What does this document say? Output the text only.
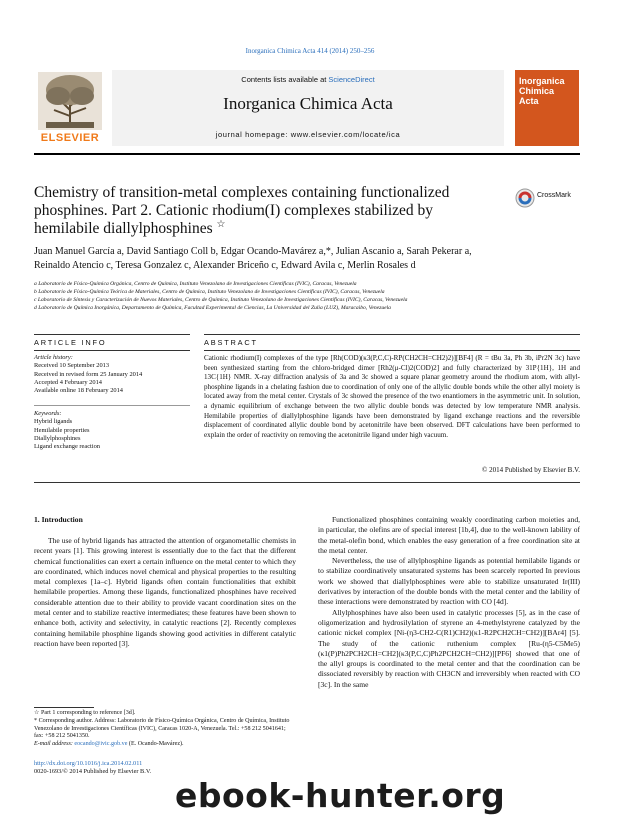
Inorganica Chimica Acta 414 (2014) 250–256
ELSEVIER
Contents lists available at ScienceDirect
Inorganica Chimica Acta
journal homepage: www.elsevier.com/locate/ica
Inorganica
Chimica
Acta
Chemistry of transition-metal complexes containing functionalized
phosphines. Part 2. Cationic rhodium(I) complexes stabilized by
hemilabile diallylphosphines ☆
CrossMark
Juan Manuel García a, David Santiago Coll b, Edgar Ocando-Mavárez a,*, Julian Ascanio a, Sarah Pekerar a,
Reinaldo Atencio c, Teresa Gonzalez c, Alexander Briceño c, Edward Avila c, Merlin Rosales d
a Laboratorio de Físico-Química Orgánica, Centro de Química, Instituto Venezolano de Investigaciones Científicas (IVIC), Caracas, Venezuela
b Laboratorio de Físico-Química Teórica de Materiales, Centro de Química, Instituto Venezolano de Investigaciones Científicas (IVIC), Caracas, Venezuela
c Laboratorio de Síntesis y Caracterización de Nuevos Materiales, Centro de Química, Instituto Venezolano de Investigaciones Científicas (IVIC), Caracas, Venezuela
d Laboratorio de Química Inorgánica, Departamento de Química, Facultad Experimental de Ciencias, La Universidad del Zulia (LUZ), Maracaibo, Venezuela
ARTICLE INFO
Article history:
Received 10 September 2013
Received in revised form 25 January 2014
Accepted 4 February 2014
Available online 18 February 2014
Keywords:
Hybrid ligands
Hemilabile properties
Diallylphosphines
Ligand exchange reaction
ABSTRACT
Cationic rhodium(I) complexes of the type [Rh(COD)(κ3(P,C,C)-RP(CH2CH=CH2)2)][BF4] (R = tBu 3a, Ph 3b, iPr2N 3c) have been synthesized starting from the chloro-bridged dimer [Rh2(μ-Cl)2(COD)2] and fully characterized by 31P{1H}, 1H and 13C{1H} NMR. X-ray diffraction analysis of 3a and 3c showed a square planar geometry around the rhodium atom, with allyl-phosphine ligands in a chelating fashion due to coordination of only one of the allylic double bonds while the other allyl moiety is located away from the metal center. Crystals of 3c showed the presence of the two enantiomers in the asymmetric unit. In solution, a dynamic equilibrium of exchange between the two allylic double bonds was detected by low temperature NMR analysis. Hemilabile properties of diallylphosphine ligands have been demonstrated by ligand exchange reactions and the reversible displacement of coordinated allylic double bond by acetonitrile have been observed. DFT calculations have been performed to explain the order of reactivity on removing the acetonitrile ligand under high vacuum.
© 2014 Published by Elsevier B.V.
1. Introduction

The use of hybrid ligands has attracted the attention of organometallic chemists in recent years [1]. This growing interest is essentially due to the fact that the different chemical functionalities can exert a certain influence on the metal center to which they are coordinated, which induces novel chemical and physical properties to the resulting metal complexes [1a–c]. Hybrid ligands often contain functionalities that exhibit hemilabile properties. Among these ligands, functionalized phosphines have received considerable attention due to their ability to provide vacant coordination sites on the metal center and to stabilize reactive intermediates; these features have been shown to enhance both, activity and selectivity, in catalytic reactions [2]. Recently complexes containing hemilabile phosphine ligands showing good activities in different catalytic reaction have been reported [3].

Functionalized phosphines containing weakly coordinating carbon moieties and, in particular, the olefins are of special interest [1b,4], due to the well-known lability of the metal-olefin bond, which enables the easy generation of a free coordination site at the metal center.

Nevertheless, the use of allylphosphine ligands as potential hemilabile ligands or to stabilize coordinatively unsaturated systems has been scarcely reported In previous work we showed that diallylphosphines were able to stabilize unsaturated Ir(III) derivatives by interaction of the double bonds with the metal center and the lability of these interactions were demonstrated by reaction with CO [4d].

Allylphosphines have also been used in catalytic processes [5], as in the case of oligomerization and hydrosilylation of styrene an 4-methylstyrene catalyzed by the cationic nickel complex [Ni-(η3-CH2-C(R1)CH2)(κ1-R2PCH2CH=CH2)][BAr4] [5]. The study of the cationic ruthenium complex [Ru-(η5-C5Me5)(κ1(P)Ph2PCH2CH=CH2](κ3(P,C,C)Ph2PCH2CH=CH2)][PF6] showed that one of the allyl groups is coordinated to the metal center and that the coordination can be dissociated reversibly by reaction with CH3CN and irreversibly when reacted with CO [3c]. In the same

☆ Part 1 corresponding to reference [3d].
* Corresponding author. Address: Laboratorio de Físico-Química Orgánica, Centro de Química, Instituto Venezolano de Investigaciones Científicas (IVIC), Caracas 1020-A, Venezuela. Tel.: +58 212 5041641; fax: +58 212 5041350.
E-mail address: eocando@ivic.gob.ve (E. Ocando-Mavárez).
http://dx.doi.org/10.1016/j.ica.2014.02.011
0020-1693/© 2014 Published by Elsevier B.V.
ebook-hunter.org
